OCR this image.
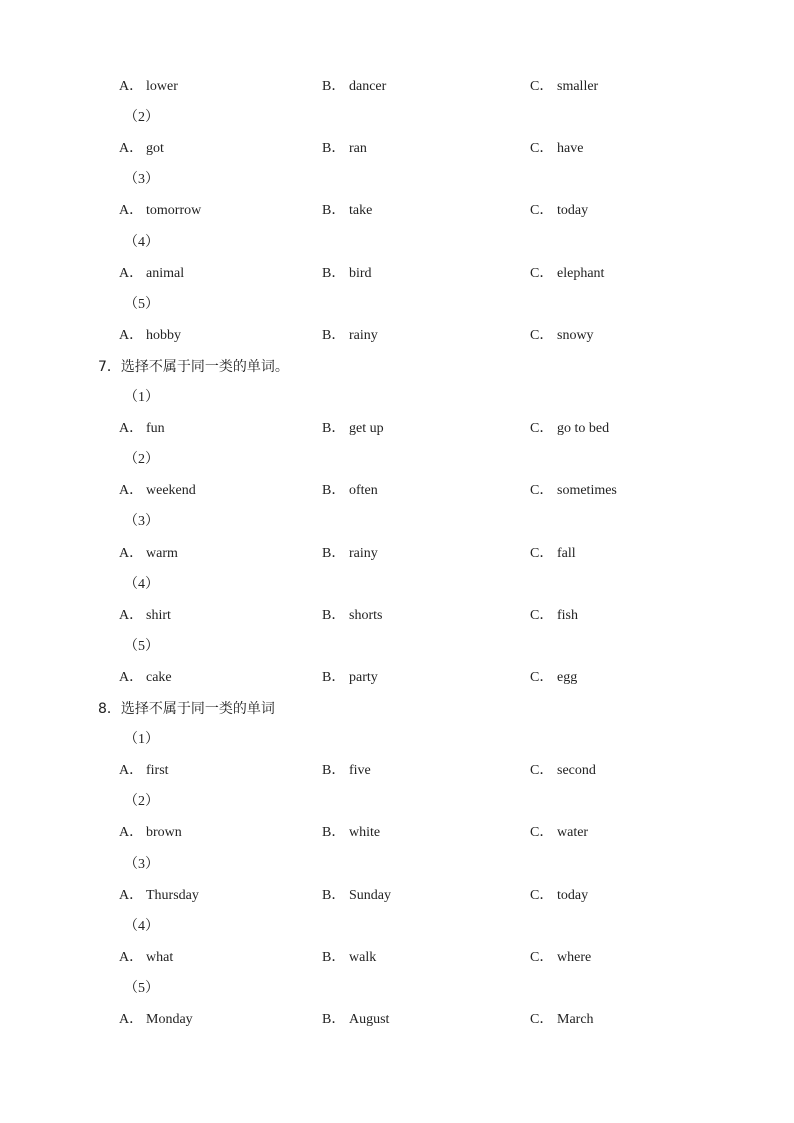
A． lower	B． dancer	C． smaller
（2）
A． got	B． ran	C． have
（3）
A． tomorrow	B． take	C． today
（4）
A． animal	B． bird	C． elephant
（5）
A． hobby	B． rainy	C． snowy
7．选择不属于同一类的单词。
（1）
A． fun	B． get up	C． go to bed
（2）
A． weekend	B． often	C． sometimes
（3）
A． warm	B． rainy	C． fall
（4）
A． shirt	B． shorts	C． fish
（5）
A． cake	B． party	C． egg
8．选择不属于同一类的单词
（1）
A． first	B． five	C． second
（2）
A． brown	B． white	C． water
（3）
A． Thursday	B． Sunday	C． today
（4）
A． what	B． walk	C． where
（5）
A． Monday	B． August	C． March
